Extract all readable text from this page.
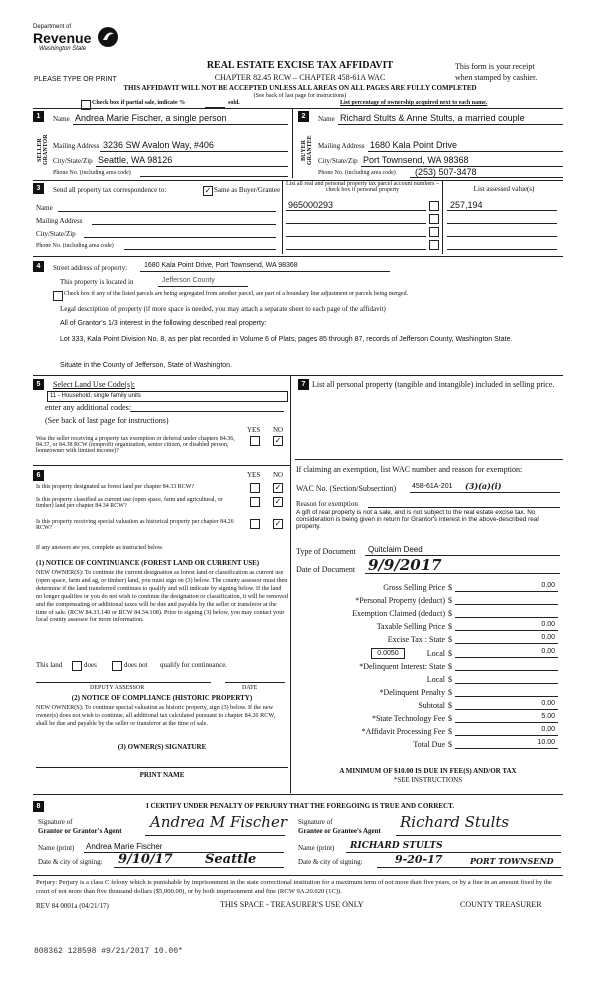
Department of
Revenue
Washington State
PLEASE TYPE OR PRINT
REAL ESTATE EXCISE TAX AFFIDAVIT
CHAPTER 82.45 RCW – CHAPTER 458-61A WAC
This form is your receipt
when stamped by cashier.
THIS AFFIDAVIT WILL NOT BE ACCEPTED UNLESS ALL AREAS ON ALL PAGES ARE FULLY COMPLETED
(See back of last page for instructions)
Check box if partial sale, indicate %	sold.	List percentage of ownership acquired next to each name.
1
SELLER GRANTOR
Name Andrea Marie Fischer, a single person
Mailing Address 3236 SW Avalon Way, #406
City/State/Zip Seattle, WA 98126
Phone No. (including area code)
2
BUYER GRANTEE
Name Richard Stults & Anne Stults, a married couple
Mailing Address 1680 Kala Point Drive
City/State/Zip Port Townsend, WA 98368
Phone No. (including area code) (253) 507-3478
3	Send all property tax correspondence to:	✓ Same as Buyer/Grantee
Name
Mailing Address
City/State/Zip
Phone No. (including area code)
List all real and personal property tax parcel account numbers – check box if personal property	List assessed value(s)
965000293	257,194
4	Street address of property: 1680 Kala Point Drive, Port Townsend, WA 98368
This property is located in	Jefferson County
Check box if any of the listed parcels are being segregated from another parcel, are part of a boundary line adjustment or parcels being merged.
Legal description of property (if more space is needed, you may attach a separate sheet to each page of the affidavit)
All of Grantor's 1/3 interest in the following described real property:
Lot 333, Kala Point Division No. 8, as per plat recorded in Volume 6 of Plats, pages 85 through 87, records of Jefferson County, Washington State.
Situate in the County of Jefferson, State of Washington.
5	Select Land Use Code(s):
11 - Household, single family units
enter any additional codes:
(See back of last page for instructions)
YES NO
Was the seller receiving a property tax exemption or deferral under chapters 84.36, 84.37, or 84.38 RCW (nonprofit organization, senior citizen, or disabled person, homeowner with limited income)?
✓
7 List all personal property (tangible and intangible) included in selling price.
If claiming an exemption, list WAC number and reason for exemption:
WAC No. (Section/Subsection) 458-61A-201 (3)(a)(i)
Reason for exemption
A gift of real property is not a sale, and is not subject to the real estate excise tax. No consideration is being given in return for Grantor's interest in the above-described real property.
6	YES NO
Is this property designated as forest land per chapter 84.33 RCW?	✓
Is this property classified as current use (open space, farm and agricultural, or timber) land per chapter 84.34 RCW?	✓
Is this property receiving special valuation as historical property per chapter 84.26 RCW?	✓
If any answers are yes, complete as instructed below.
(1) NOTICE OF CONTINUANCE (FOREST LAND OR CURRENT USE)
NEW OWNER(S): To continue the current designation as forest land or classification as current use (open space, farm and ag, or timber) land, you must sign on (3) below. The county assessor must then determine if the land transferred continues to qualify and will indicate by signing below. If the land no longer qualifies or you do not wish to continue the designation or classification, it will be removed and the compensating or additional taxes will be due and payable by the seller or transferor at the time of sale. (RCW 84.33.140 or RCW 84.34.108). Prior to signing (3) below, you may contact your local county assessor for more information.
This land	does	does not qualify for continuance.
DEPUTY ASSESSOR	DATE
(2) NOTICE OF COMPLIANCE (HISTORIC PROPERTY)
NEW OWNER(S): To continue special valuation as historic property, sign (3) below. If the new owner(s) does not wish to continue, all additional tax calculated pursuant to chapter 84.26 RCW, shall be due and payable by the seller or transferor at the time of sale.
(3) OWNER(S) SIGNATURE
PRINT NAME
Type of Document Quitclaim Deed
Date of Document 9/9/2017
Gross Selling Price $	0.00
*Personal Property (deduct) $
Exemption Claimed (deduct) $
Taxable Selling Price $	0.00
Excise Tax : State $	0.00
Local $	0.00
*Delinquent Interest: State $
Local $
*Delinquent Penalty $
Subtotal $	0.00
*State Technology Fee $	5.00
*Affidavit Processing Fee $	0.00
Total Due $	10.00
0.0050
A MINIMUM OF $10.00 IS DUE IN FEE(S) AND/OR TAX
*SEE INSTRUCTIONS
8	I CERTIFY UNDER PENALTY OF PERJURY THAT THE FOREGOING IS TRUE AND CORRECT.
Signature of
Grantor or Grantor's Agent Andrea M Fischer
Name (print) Andrea Marie Fischer
Date & city of signing: 9/10/17 Seattle
Signature of
Grantee or Grantee's Agent Richard Stults
Name (print) RICHARD STULTS
Date & city of signing:	9-20-17	PORT TOWNSEND
Perjury: Perjury is a class C felony which is punishable by imprisonment in the state correctional institution for a maximum term of not more than five years, or by a fine in an amount fixed by the court of not more than five thousand dollars ($5,000.00), or by both imprisonment and fine (RCW 9A.20.020 (1C)).
REV 84 0001a (04/21/17)	THIS SPACE - TREASURER'S USE ONLY	COUNTY TREASURER
808362 128598 #9/21/2017 10.00*
